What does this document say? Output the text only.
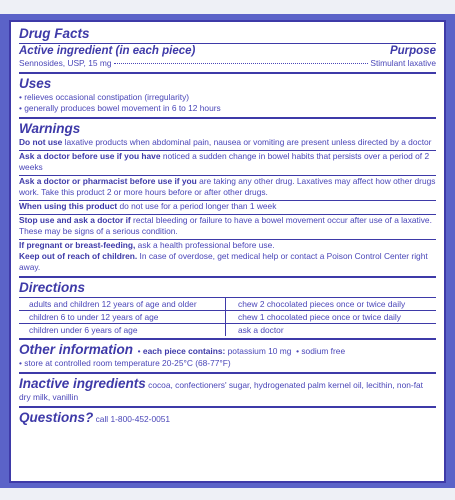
Drug Facts
Active ingredient (in each piece)	Purpose
Sennosides, USP, 15 mg	Stimulant laxative
Uses
• relieves occasional constipation (irregularity)
• generally produces bowel movement in 6 to 12 hours
Warnings
Do not use laxative products when abdominal pain, nausea or vomiting are present unless directed by a doctor
Ask a doctor before use if you have noticed a sudden change in bowel habits that persists over a period of 2 weeks
Ask a doctor or pharmacist before use if you are taking any other drug. Laxatives may affect how other drugs work. Take this product 2 or more hours before or after other drugs.
When using this product do not use for a period longer than 1 week
Stop use and ask a doctor if rectal bleeding or failure to have a bowel movement occur after use of a laxative. These may be signs of a serious condition.
If pregnant or breast-feeding, ask a health professional before use.
Keep out of reach of children. In case of overdose, get medical help or contact a Poison Control Center right away.
Directions
adults and children 12 years of age and older	chew 2 chocolated pieces once or twice daily
children 6 to under 12 years of age	chew 1 chocolated piece once or twice daily
children under 6 years of age	ask a doctor
Other information  • each piece contains: potassium 10 mg  • sodium free
• store at controlled room temperature 20-25°C (68-77°F)
Inactive ingredients cocoa, confectioners' sugar, hydrogenated palm kernel oil, lecithin, non-fat dry milk, vanillin
Questions? call 1-800-452-0051
